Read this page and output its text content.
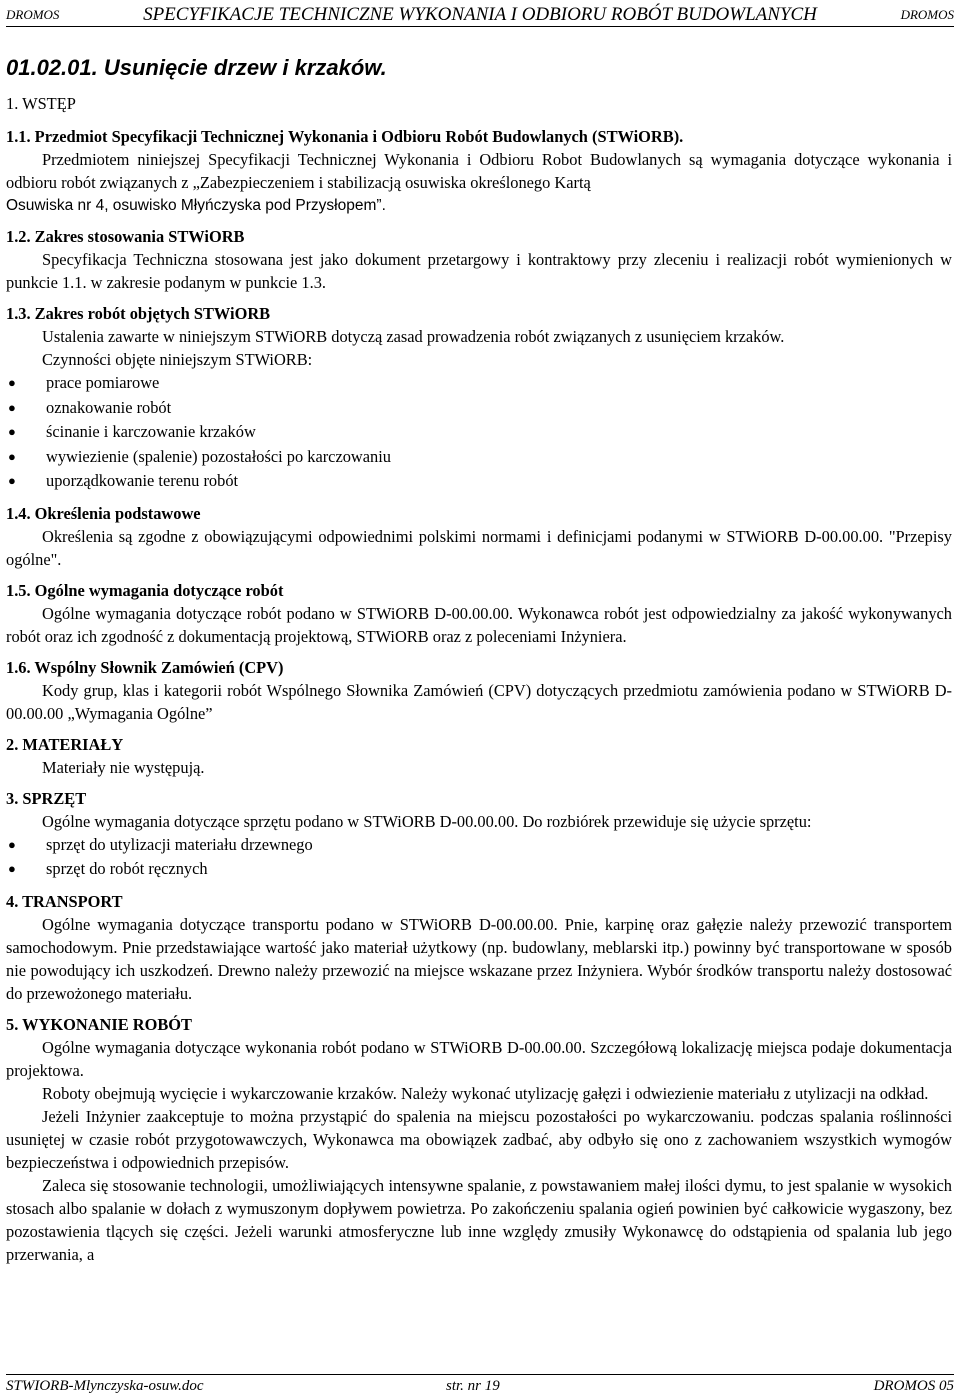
DROMOS	SPECYFIKACJE TECHNICZNE WYKONANIA I ODBIORU ROBÓT BUDOWLANYCH	DROMOS
01.02.01. Usunięcie drzew i krzaków.
1. WSTĘP
1.1. Przedmiot Specyfikacji Technicznej Wykonania i Odbioru Robót Budowlanych (STWiORB).
Przedmiotem niniejszej Specyfikacji Technicznej Wykonania i Odbioru Robot Budowlanych są wymagania dotyczące wykonania i odbioru robót związanych z „Zabezpieczeniem i stabilizacją osuwiska określonego Kartą
Osuwiska nr 4, osuwisko Młyńczyska pod Przysłopem”.
1.2. Zakres stosowania STWiORB
Specyfikacja Techniczna stosowana jest jako dokument przetargowy i kontraktowy przy zleceniu i realizacji robót wymienionych w punkcie 1.1. w zakresie podanym w punkcie 1.3.
1.3. Zakres robót objętych STWiORB
Ustalenia zawarte w niniejszym STWiORB dotyczą zasad prowadzenia robót związanych z usunięciem krzaków.
Czynności objęte niniejszym STWiORB:
● prace pomiarowe
● oznakowanie robót
● ścinanie i karczowanie krzaków
● wywiezienie (spalenie) pozostałości po karczowaniu
● uporządkowanie terenu robót
1.4. Określenia podstawowe
Określenia są zgodne z obowiązującymi odpowiednimi polskimi normami i definicjami podanymi w STWiORB D-00.00.00. "Przepisy ogólne".
1.5. Ogólne wymagania dotyczące robót
Ogólne wymagania dotyczące robót podano w STWiORB D-00.00.00. Wykonawca robót jest odpowiedzialny za jakość wykonywanych robót oraz ich zgodność z dokumentacją projektową, STWiORB oraz z poleceniami Inżyniera.
1.6. Wspólny Słownik Zamówień (CPV)
Kody grup, klas i kategorii robót Wspólnego Słownika Zamówień (CPV) dotyczących przedmiotu zamówienia podano w STWiORB D-00.00.00 „Wymagania Ogólne”
2. MATERIAŁY
Materiały nie występują.
3. SPRZĘT
Ogólne wymagania dotyczące sprzętu podano w STWiORB D-00.00.00. Do rozbiórek przewiduje się użycie sprzętu:
● sprzęt do utylizacji materiału drzewnego
● sprzęt do robót ręcznych
4. TRANSPORT
Ogólne wymagania dotyczące transportu podano w STWiORB D-00.00.00. Pnie, karpinę oraz gałęzie należy przewozić transportem samochodowym. Pnie przedstawiające wartość jako materiał użytkowy (np. budowlany, meblarski itp.) powinny być transportowane w sposób nie powodujący ich uszkodzeń. Drewno należy przewozić na miejsce wskazane przez Inżyniera. Wybór środków transportu należy dostosować do przewożonego materiału.
5. WYKONANIE ROBÓT
Ogólne wymagania dotyczące wykonania robót podano w STWiORB D-00.00.00. Szczegółową lokalizację miejsca podaje dokumentacja projektowa.
Roboty obejmują wycięcie i wykarczowanie krzaków. Należy wykonać utylizację gałęzi i odwiezienie materiału z utylizacji na odkład.
Jeżeli Inżynier zaakceptuje to można przystąpić do spalenia na miejscu pozostałości po wykarczowaniu. podczas spalania roślinności usuniętej w czasie robót przygotowawczych, Wykonawca ma obowiązek zadbać, aby odbyło się ono z zachowaniem wszystkich wymogów bezpieczeństwa i odpowiednich przepisów.
Zaleca się stosowanie technologii, umożliwiających intensywne spalanie, z powstawaniem małej ilości dymu, to jest spalanie w wysokich stosach albo spalanie w dołach z wymuszonym dopływem powietrza. Po zakończeniu spalania ogień powinien być całkowicie wygaszony, bez pozostawienia tlących się części. Jeżeli warunki atmosferyczne lub inne względy zmusiły Wykonawcę do odstąpienia od spalania lub jego przerwania, a
STWIORB-Mlynczyska-osuw.doc	str. nr 19	DROMOS 05
